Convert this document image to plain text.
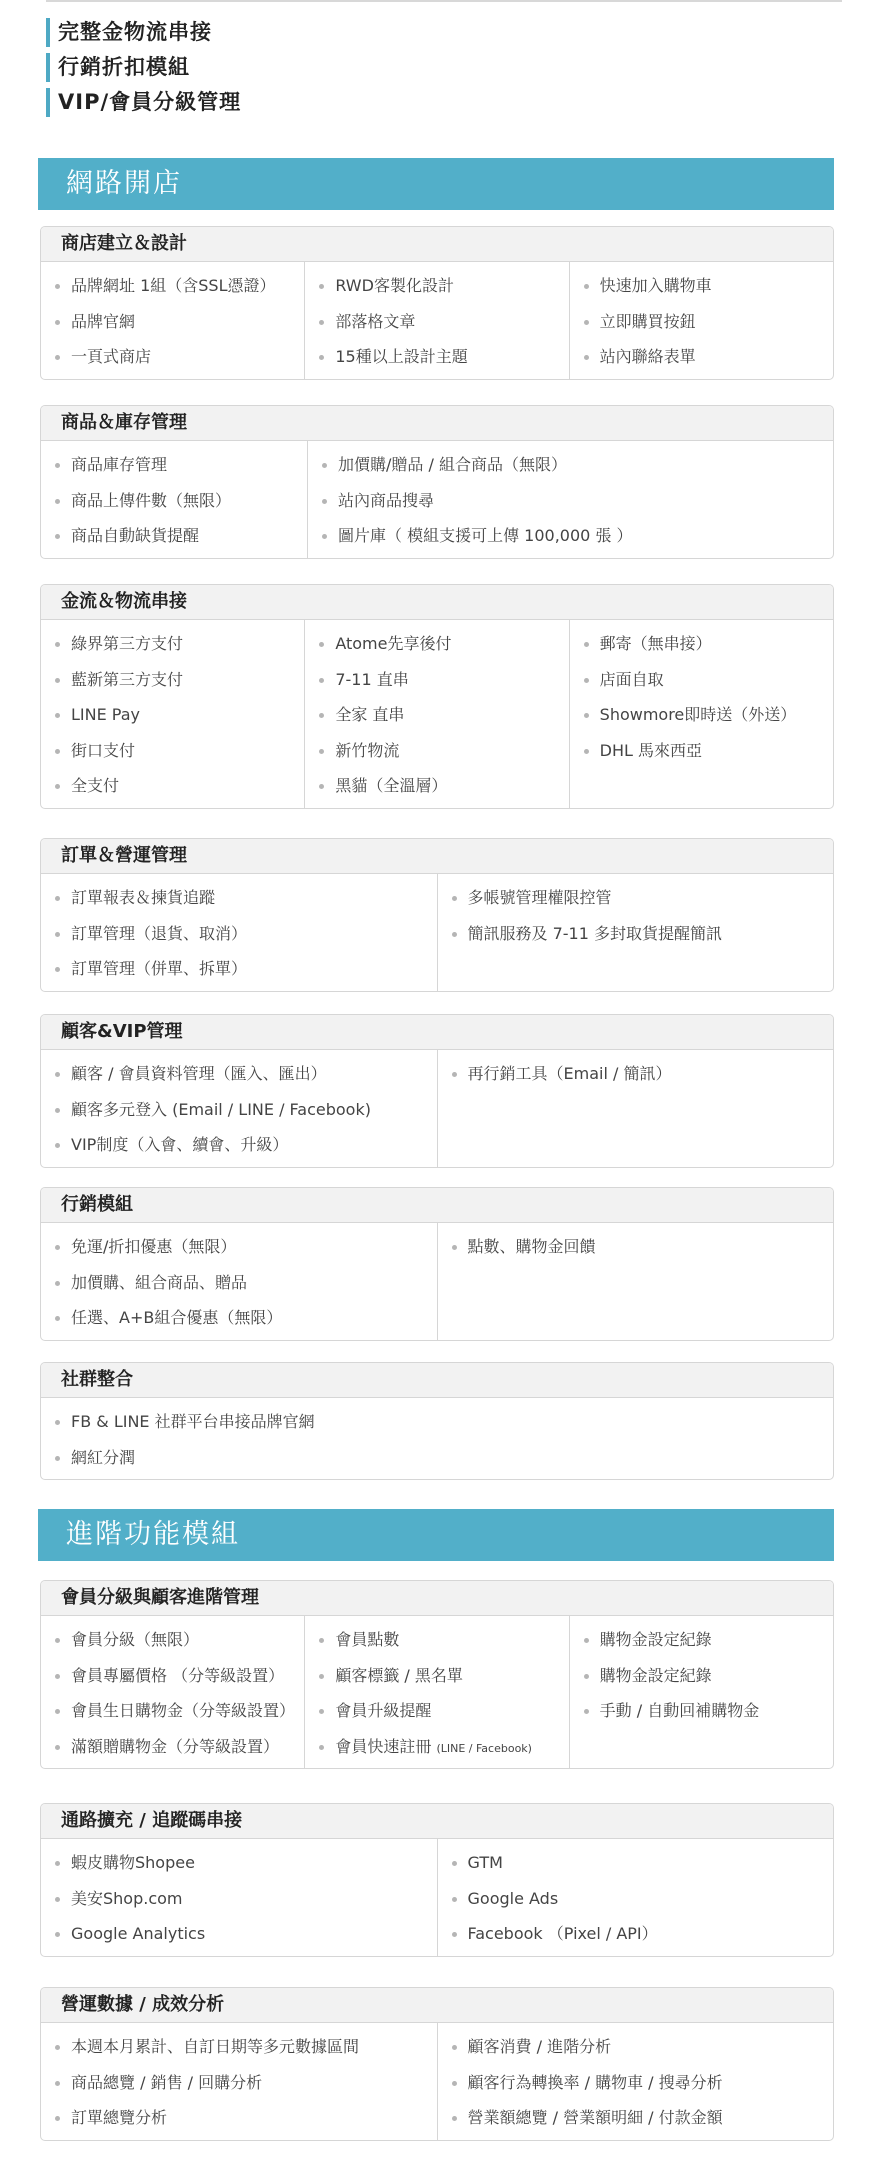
完整金物流串接
行銷折扣模組
VIP/會員分級管理
網路開店
商店建立＆設計
品牌網址 1組（含SSL憑證）
品牌官網
一頁式商店
RWD客製化設計
部落格文章
15種以上設計主題
快速加入購物車
立即購買按鈕
站內聯絡表單
商品＆庫存管理
商品庫存管理
商品上傳件數（無限）
商品自動缺貨提醒
加價購/贈品 / 組合商品（無限）
站內商品搜尋
圖片庫（ 模組支援可上傳 100,000 張 ）
金流＆物流串接
綠界第三方支付
藍新第三方支付
LINE Pay
街口支付
全支付
Atome先享後付
7-11 直串
全家 直串
新竹物流
黑貓（全溫層）
郵寄（無串接）
店面自取
Showmore即時送（外送）
DHL 馬來西亞
訂單＆營運管理
訂單報表＆揀貨追蹤
訂單管理（退貨、取消）
訂單管理（併單、拆單）
多帳號管理權限控管
簡訊服務及 7-11 多封取貨提醒簡訊
顧客&VIP管理
顧客 / 會員資料管理（匯入、匯出）
顧客多元登入 (Email / LINE / Facebook)
VIP制度（入會、續會、升級）
再行銷工具（Email / 簡訊）
行銷模組
免運/折扣優惠（無限）
加價購、組合商品、贈品
任選、A+B組合優惠（無限）
點數、購物金回饋
社群整合
FB & LINE 社群平台串接品牌官網
網紅分潤
進階功能模組
會員分級與顧客進階管理
會員分級（無限）
會員專屬價格 （分等級設置）
會員生日購物金（分等級設置）
滿額贈購物金（分等級設置）
會員點數
顧客標籤 / 黑名單
會員升級提醒
會員快速註冊 (LINE / Facebook)
購物金設定紀錄
購物金設定紀錄
手動 / 自動回補購物金
通路擴充 / 追蹤碼串接
蝦皮購物Shopee
美安Shop.com
Google Analytics
GTM
Google Ads
Facebook （Pixel / API）
營運數據 / 成效分析
本週本月累計、自訂日期等多元數據區間
商品總覽 / 銷售 / 回購分析
訂單總覽分析
顧客消費 / 進階分析
顧客行為轉換率 / 購物車 / 搜尋分析
營業額總覽 / 營業額明細 / 付款金額
